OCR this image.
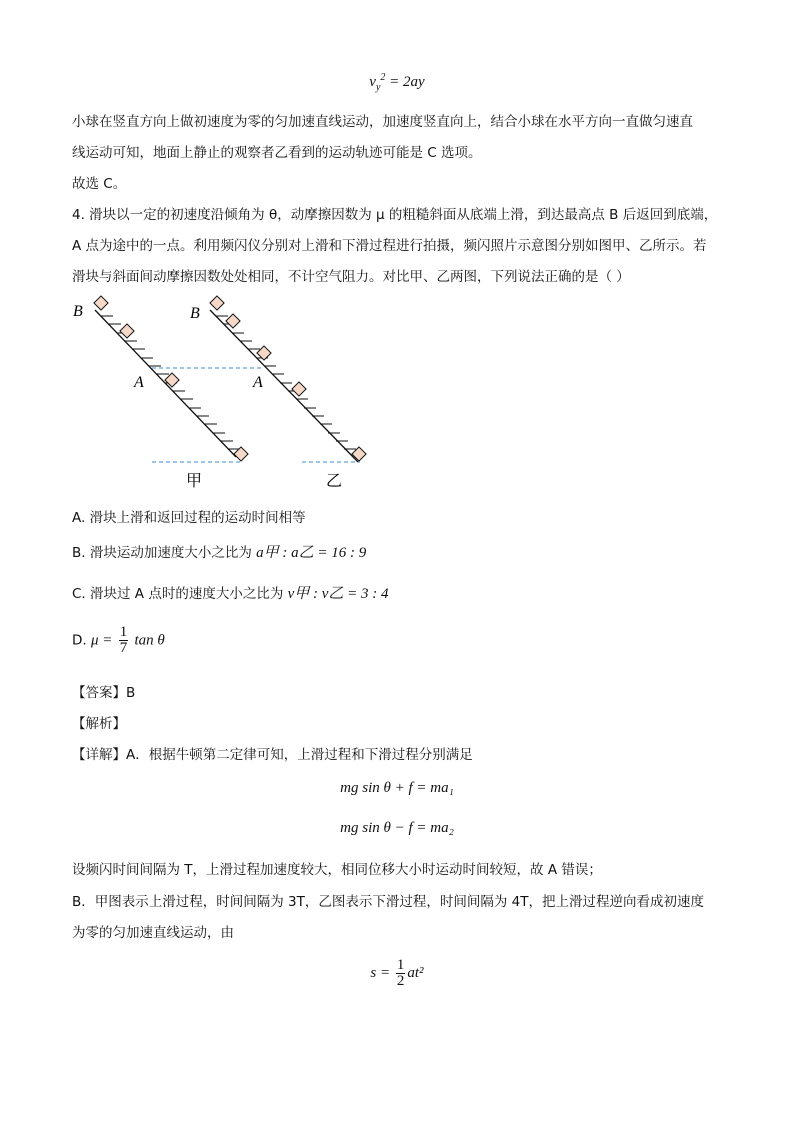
$v_y^2 = 2ay$
小球在竖直方向上做初速度为零的匀加速直线运动，加速度竖直向上，结合小球在水平方向一直做匀速直
线运动可知，地面上静止的观察者乙看到的运动轨迹可能是 C 选项。
故选 C。
4. 滑块以一定的初速度沿倾角为 θ，动摩擦因数为 μ 的粗糙斜面从底端上滑，到达最高点 B 后返回到底端，
A 点为途中的一点。利用频闪仪分别对上滑和下滑过程进行拍摄，频闪照片示意图分别如图甲、乙所示。若
滑块与斜面间动摩擦因数处处相同，不计空气阻力。对比甲、乙两图，下列说法正确的是（ ）
B
A
甲
B
A
乙
A. 滑块上滑和返回过程的运动时间相等
B. 滑块运动加速度大小之比为 a甲 : a乙 = 16 : 9
C. 滑块过 A 点时的速度大小之比为 v甲 : v乙 = 3 : 4
D. $\mu = \frac{1}{7}$ tan θ
【答案】B
【解析】
【详解】A．根据牛顿第二定律可知，上滑过程和下滑过程分别满足
mg sin θ + f = ma₁
mg sin θ − f = ma₂
设频闪时间间隔为 T，上滑过程加速度较大，相同位移大小时运动时间较短，故 A 错误；
B．甲图表示上滑过程，时间间隔为 3T，乙图表示下滑过程，时间间隔为 4T，把上滑过程逆向看成初速度
为零的匀加速直线运动，由
$s = \frac{1}{2} at^2$
